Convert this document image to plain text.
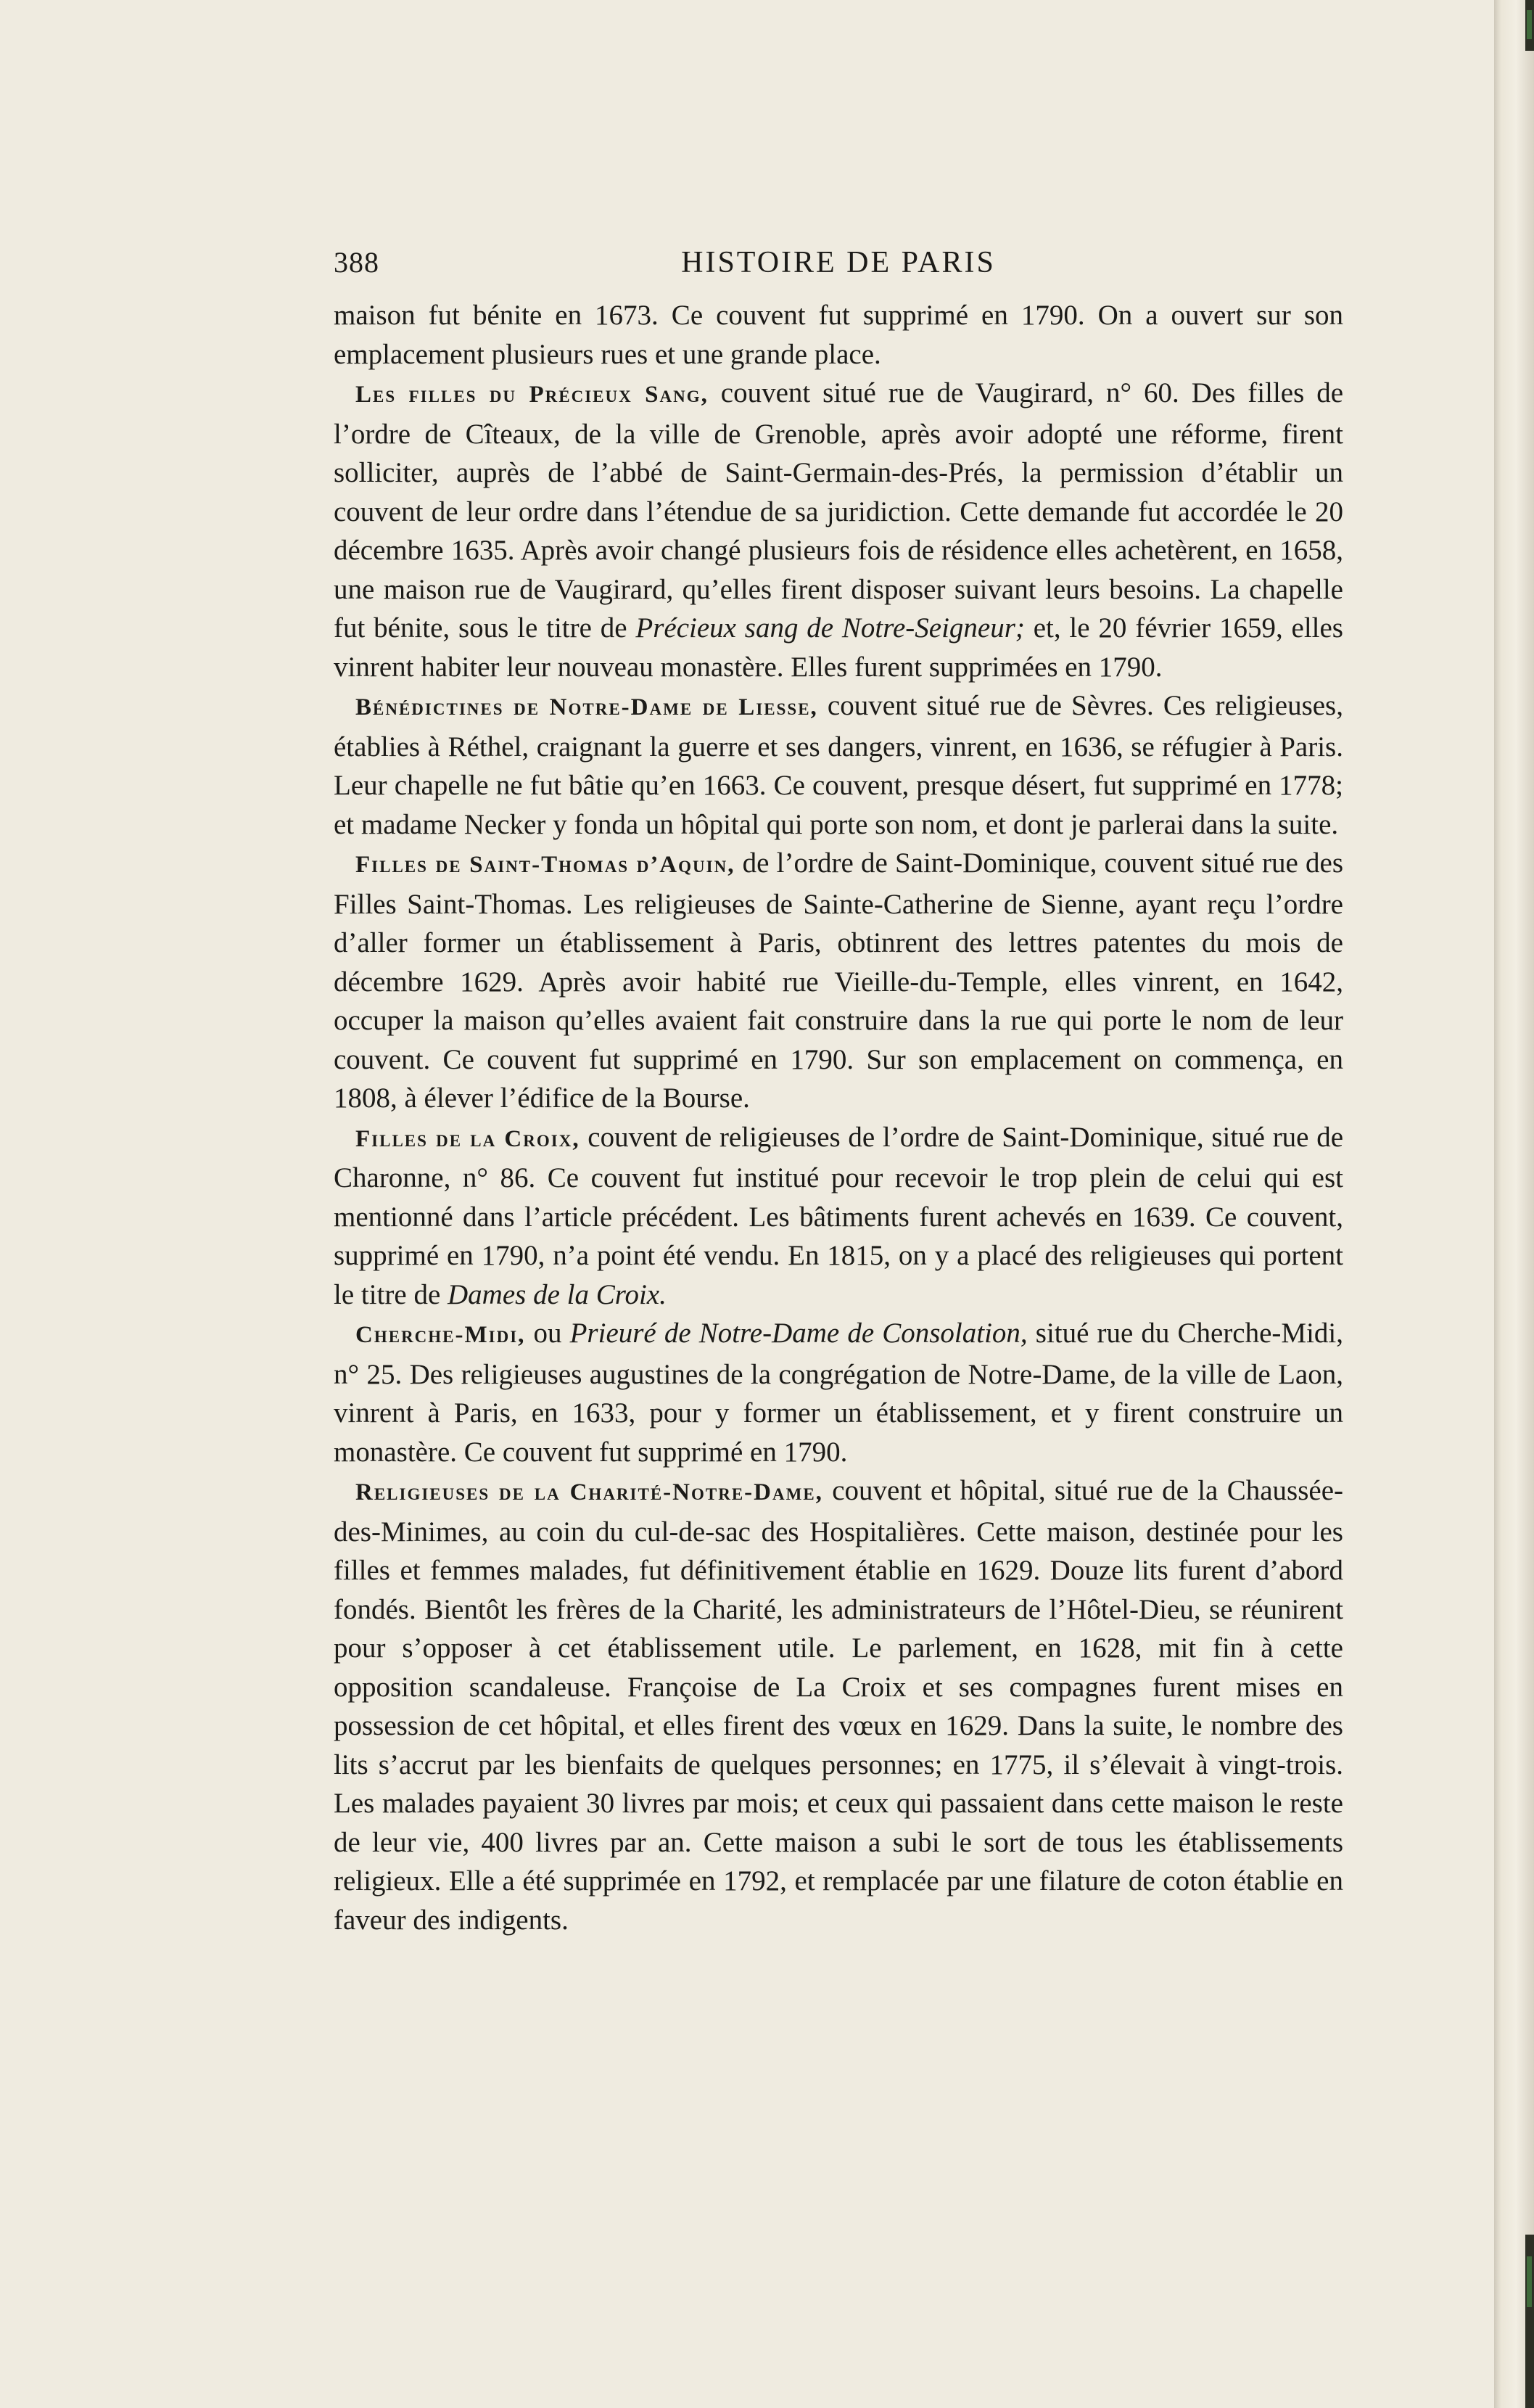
388	HISTOIRE DE PARIS

maison fut bénite en 1673. Ce couvent fut supprimé en 1790. On a ouvert sur son emplacement plusieurs rues et une grande place.

Les filles du Précieux Sang, couvent situé rue de Vaugirard, n° 60. Des filles de l’ordre de Cîteaux, de la ville de Grenoble, après avoir adopté une réforme, firent solliciter, auprès de l’abbé de Saint-Germain-des-Prés, la permission d’établir un couvent de leur ordre dans l’étendue de sa juridiction. Cette demande fut accordée le 20 décembre 1635. Après avoir changé plusieurs fois de résidence elles achetèrent, en 1658, une maison rue de Vaugirard, qu’elles firent disposer suivant leurs besoins. La chapelle fut bénite, sous le titre de Précieux sang de Notre-Seigneur; et, le 20 février 1659, elles vinrent habiter leur nouveau monastère. Elles furent supprimées en 1790.

Bénédictines de Notre-Dame de Liesse, couvent situé rue de Sèvres. Ces religieuses, établies à Réthel, craignant la guerre et ses dangers, vinrent, en 1636, se réfugier à Paris. Leur chapelle ne fut bâtie qu’en 1663. Ce couvent, presque désert, fut supprimé en 1778; et madame Necker y fonda un hôpital qui porte son nom, et dont je parlerai dans la suite.

Filles de Saint-Thomas d’Aquin, de l’ordre de Saint-Dominique, couvent situé rue des Filles Saint-Thomas. Les religieuses de Sainte-Catherine de Sienne, ayant reçu l’ordre d’aller former un établissement à Paris, obtinrent des lettres patentes du mois de décembre 1629. Après avoir habité rue Vieille-du-Temple, elles vinrent, en 1642, occuper la maison qu’elles avaient fait construire dans la rue qui porte le nom de leur couvent. Ce couvent fut supprimé en 1790. Sur son emplacement on commença, en 1808, à élever l’édifice de la Bourse.

Filles de la Croix, couvent de religieuses de l’ordre de Saint-Dominique, situé rue de Charonne, n° 86. Ce couvent fut institué pour recevoir le trop plein de celui qui est mentionné dans l’article précédent. Les bâtiments furent achevés en 1639. Ce couvent, supprimé en 1790, n’a point été vendu. En 1815, on y a placé des religieuses qui portent le titre de Dames de la Croix.

Cherche-Midi, ou Prieuré de Notre-Dame de Consolation, situé rue du Cherche-Midi, n° 25. Des religieuses augustines de la congrégation de Notre-Dame, de la ville de Laon, vinrent à Paris, en 1633, pour y former un établissement, et y firent construire un monastère. Ce couvent fut supprimé en 1790.

Religieuses de la Charité-Notre-Dame, couvent et hôpital, situé rue de la Chaussée-des-Minimes, au coin du cul-de-sac des Hospitalières. Cette maison, destinée pour les filles et femmes malades, fut définitivement établie en 1629. Douze lits furent d’abord fondés. Bientôt les frères de la Charité, les administrateurs de l’Hôtel-Dieu, se réunirent pour s’opposer à cet établissement utile. Le parlement, en 1628, mit fin à cette opposition scandaleuse. Françoise de La Croix et ses compagnes furent mises en possession de cet hôpital, et elles firent des vœux en 1629. Dans la suite, le nombre des lits s’accrut par les bienfaits de quelques personnes; en 1775, il s’élevait à vingt-trois. Les malades payaient 30 livres par mois; et ceux qui passaient dans cette maison le reste de leur vie, 400 livres par an. Cette maison a subi le sort de tous les établissements religieux. Elle a été supprimée en 1792, et remplacée par une filature de coton établie en faveur des indigents.
